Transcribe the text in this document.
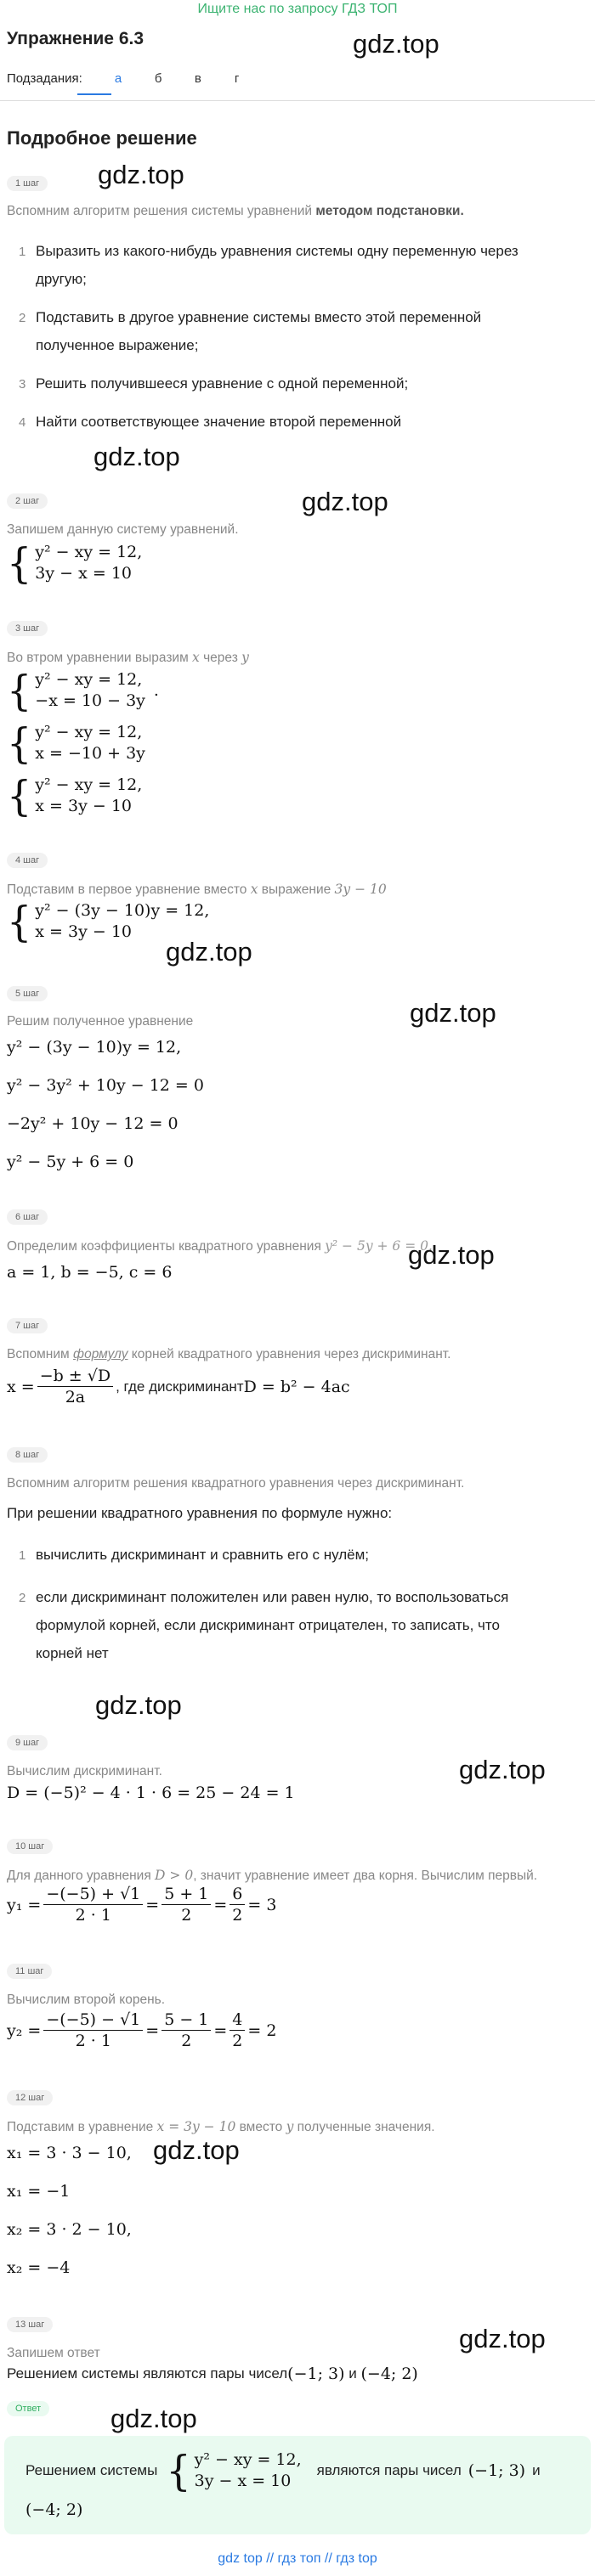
Ищите нас по запросу ГДЗ ТОП
Упражнение 6.3	gdz.top
Подзадания:	а	б	в	г
Подробное решение
1 шаг	gdz.top
Вспомним алгоритм решения системы уравнений методом подстановки.
1 Выразить из какого-нибудь уравнения системы одну переменную через
другую;
2 Подставить в другое уравнение системы вместо этой переменной
полученное выражение;
3 Решить получившееся уравнение с одной переменной;
4 Найти соответствующее значение второй переменной
gdz.top
2 шаг	gdz.top
Запишем данную систему уравнений.
{ y² − xy = 12,
3y − x = 10
3 шаг
Во втром уравнении выразим x через y
{ y² − xy = 12,
−x = 10 − 3y
.
{ y² − xy = 12,
x = −10 + 3y
{ y² − xy = 12,
x = 3y − 10
4 шаг
Подставим в первое уравнение вместо x выражение 3y − 10
{ y² − (3y − 10)y = 12,
x = 3y − 10
gdz.top
5 шаг
gdz.top
Решим полученное уравнение
y² − (3y − 10)y = 12,
y² − 3y² + 10y − 12 = 0
−2y² + 10y − 12 = 0
y² − 5y + 6 = 0
6 шаг
Определим коэффициенты квадратного уравнения y² − 5y + 6 = 0.
gdz.top
a = 1, b = −5, c = 6
7 шаг
Вспомним формулу корней квадратного уравнения через дискриминант.
$x = \frac{-b \pm √D}{2a}$ , где дискриминант D = b² − 4ac
8 шаг
Вспомним алгоритм решения квадратного уравнения через дискриминант.
При решении квадратного уравнения по формуле нужно:
1 вычислить дискриминант и сравнить его с нулём;
2 если дискриминант положителен или равен нулю, то воспользоваться
формулой корней, если дискриминант отрицателен, то записать, что
корней нет
gdz.top
9 шаг
gdz.top
Вычислим дискриминант.
D = (−5)² − 4 · 1 · 6 = 25 − 24 = 1
10 шаг
Для данного уравнения D > 0, значит уравнение имеет два корня. Вычислим первый.
$y_1 = \frac{-(-5) + √1}{2 \cdot 1} = \frac{5 + 1}{2} = \frac{6}{2} = 3$
11 шаг
Вычислим второй корень.
$y_2 = \frac{-(-5) - √1}{2 \cdot 1} = \frac{5 - 1}{2} = \frac{4}{2} = 2$
12 шаг
Подставим в уравнение x = 3y − 10 вместо y полученные значения.
x₁ = 3 · 3 − 10, gdz.top
x₁ = −1
x₂ = 3 · 2 − 10,
x₂ = −4
13 шаг	gdz.top
Запишем ответ
Решением системы являются пары чисел (−1; 3) и (−4; 2)
Ответ	gdz.top
Решением системы { y² − xy = 12,
3y − x = 10
являются пары чисел (−1; 3) и
(−4; 2)
gdz top // гдз топ // гдз top
